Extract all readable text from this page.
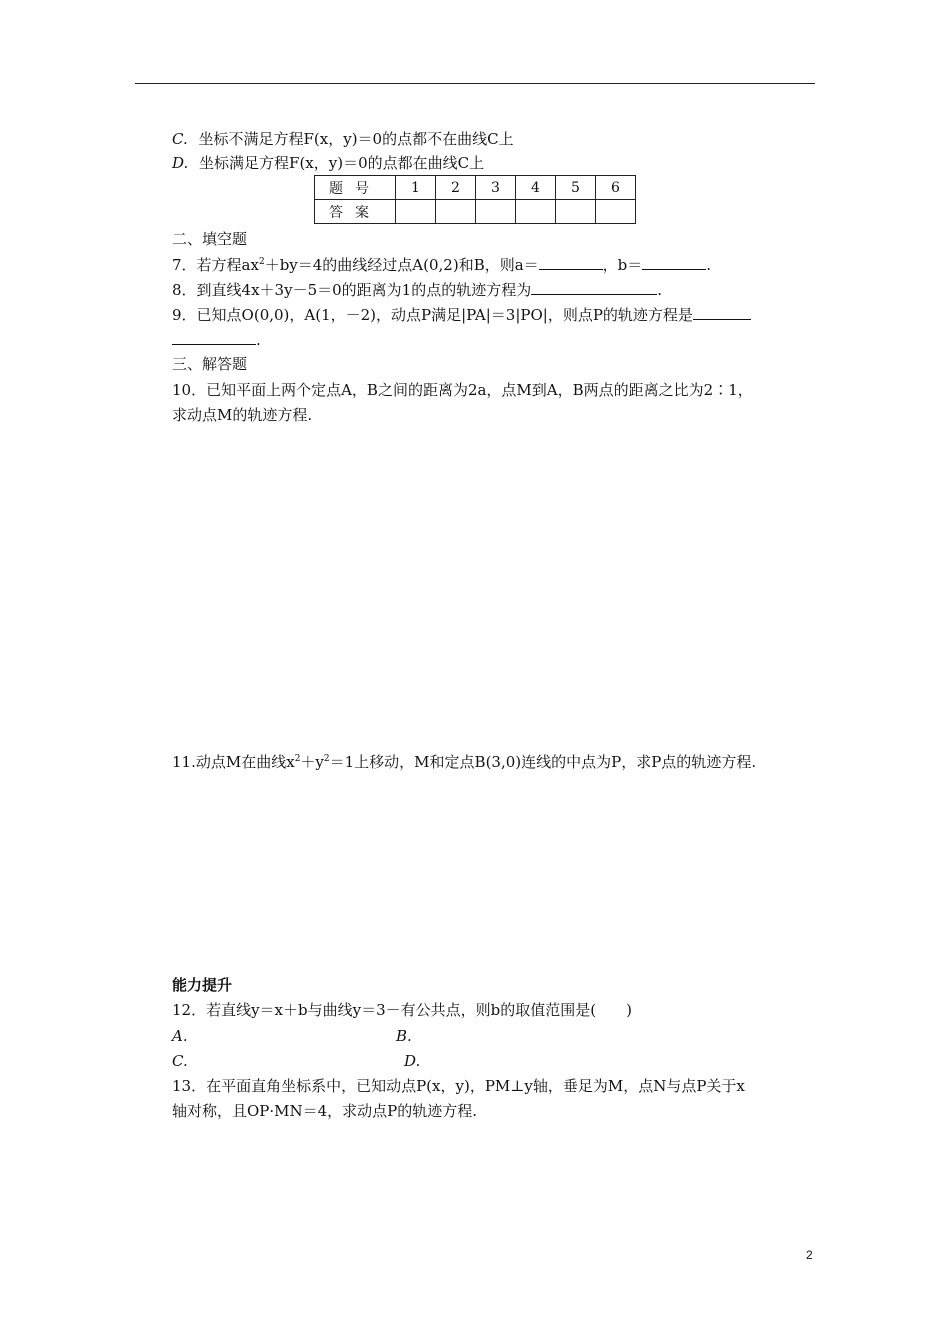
C. 坐标不满足方程F(x，y)＝0的点都不在曲线C上
D. 坐标满足方程F(x，y)＝0的点都在曲线C上
题号	1	2	3	4	5	6
答案						
二、填空题
7．若方程$ax^2+by=4$的曲线经过点A(0,2)和B，则a＝	，b＝	.
8．到直线4x＋3y－5＝0的距离为1的点的轨迹方程为	.
9．已知点O(0,0)，A(1，－2)，动点P满足|PA|＝3|PO|，则点P的轨迹方程是
.
三、解答题
10．已知平面上两个定点A，B之间的距离为2a，点M到A，B两点的距离之比为2∶1，
求动点M的轨迹方程.
11.动点M在曲线$x^2+y^2=1$上移动，M和定点B(3,0)连线的中点为P，求P点的轨迹方程.
能力提升
12．若直线y＝x＋b与曲线y＝3－有公共点，则b的取值范围是(　　)
A.	B.
C.	D.
13．在平面直角坐标系中，已知动点P(x，y)，PM⊥y轴，垂足为M，点N与点P关于x
轴对称，且OP·MN＝4，求动点P的轨迹方程.
2
